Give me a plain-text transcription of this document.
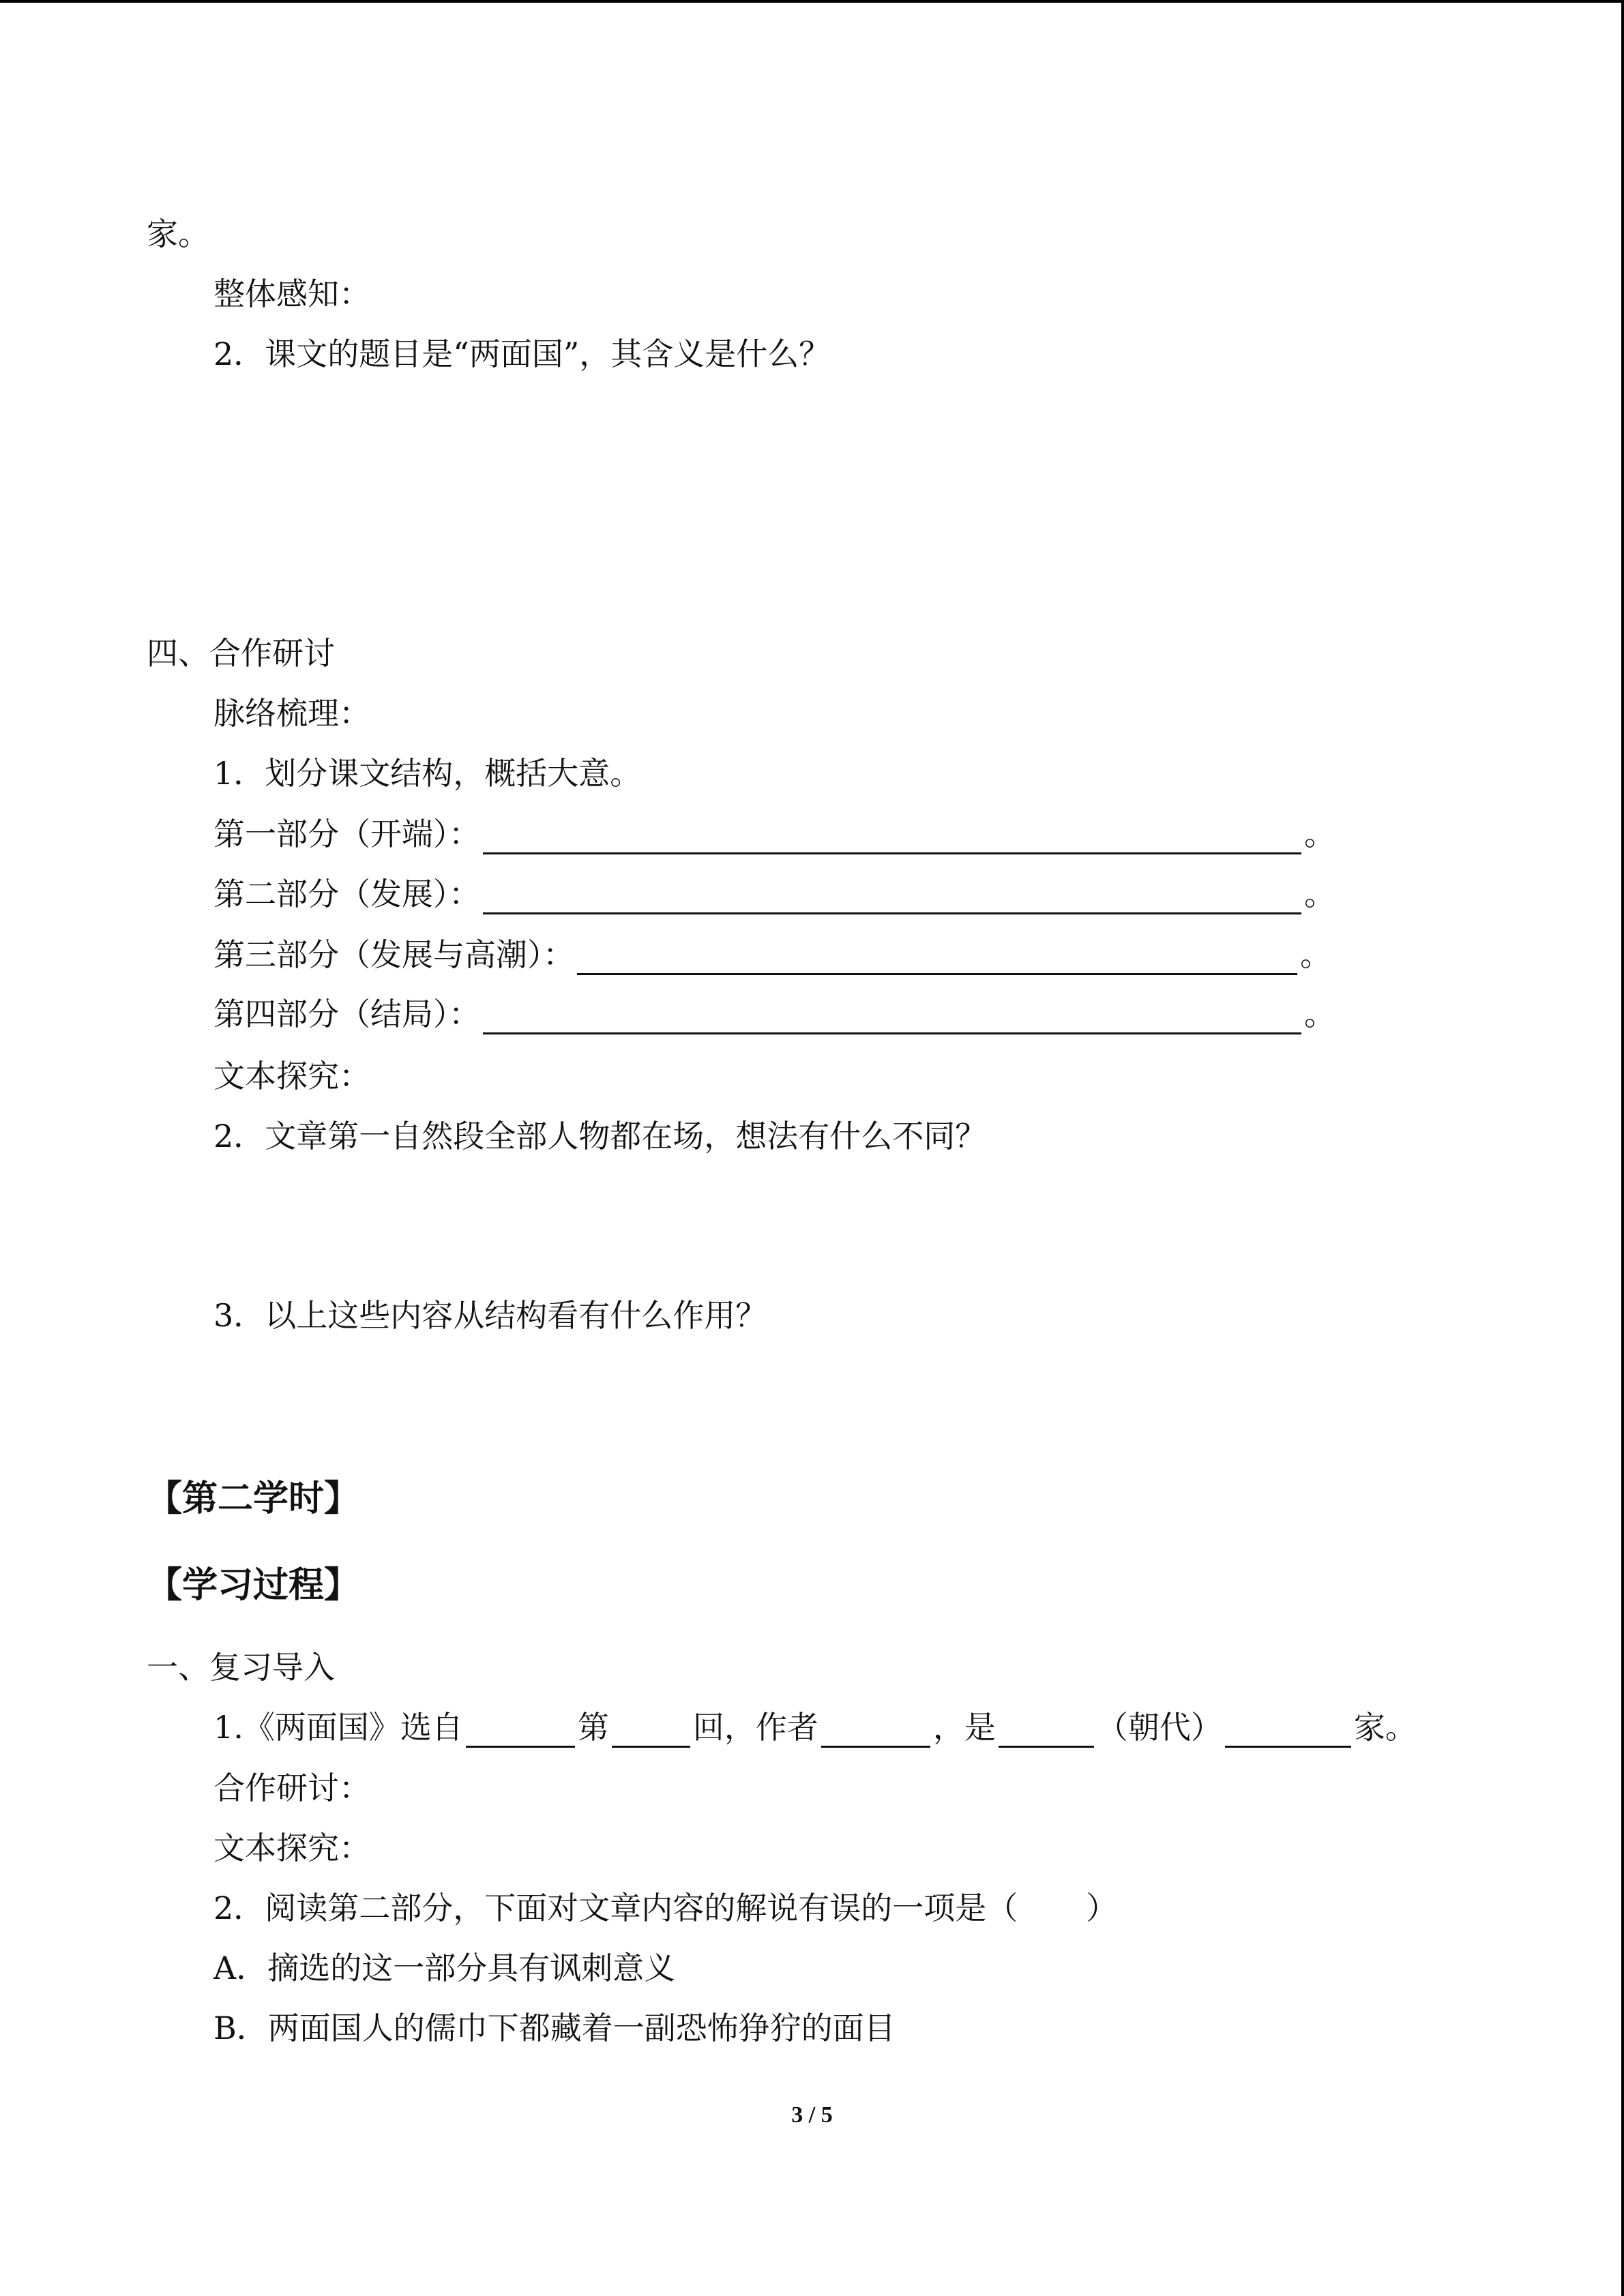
家。
整体感知：
2．课文的题目是“两面国”，其含义是什么？
四、合作研讨
脉络梳理：
1．划分课文结构，概括大意。
第一部分（开端）：	。
第二部分（发展）：	。
第三部分（发展与高潮）：	。
第四部分（结局）：	。
文本探究：
2．文章第一自然段全部人物都在场，想法有什么不同？
3．以上这些内容从结构看有什么作用？
【第二学时】
【学习过程】
一、复习导入
1.《两面国》选自	第	回，作者	，是	（朝代）	家。
合作研讨：
文本探究：
2．阅读第二部分，下面对文章内容的解说有误的一项是（ ）
A．摘选的这一部分具有讽刺意义
B．两面国人的儒巾下都藏着一副恐怖狰狞的面目
3 / 5
